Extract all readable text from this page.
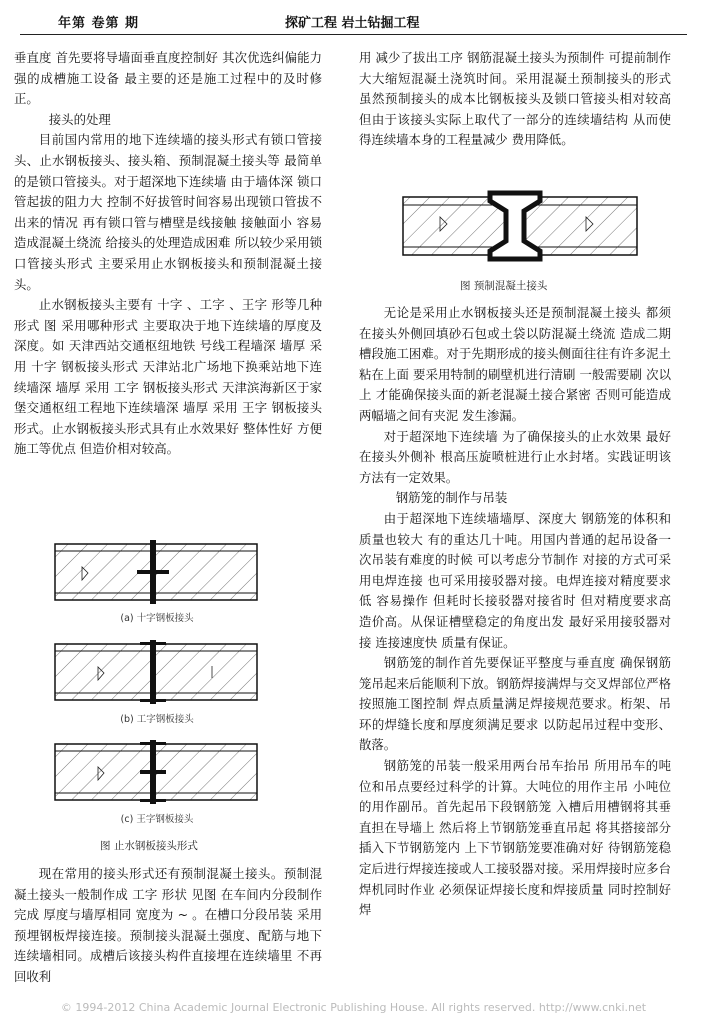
年第 卷第 期	探矿工程 岩土钻掘工程

垂直度 首先要将导墙面垂直度控制好 其次优选纠偏能力强的成槽施工设备 最主要的还是施工过程中的及时修正。

接头的处理

目前国内常用的地下连续墙的接头形式有锁口管接头、止水钢板接头、接头箱、预制混凝土接头等 最简单的是锁口管接头。对于超深地下连续墙 由于墙体深 锁口管起拔的阻力大 控制不好拔管时间容易出现锁口管拔不出来的情况 再有锁口管与槽壁是线接触 接触面小 容易造成混凝土绕流 给接头的处理造成困难 所以较少采用锁口管接头形式 主要采用止水钢板接头和预制混凝土接头。

止水钢板接头主要有 十字 、工字 、王字 形等几种形式 图 采用哪种形式 主要取决于地下连续墙的厚度及深度。如 天津西站交通枢纽地铁 号线工程墙深 墙厚 采用 十字 钢板接头形式 天津站北广场地下换乘站地下连续墙深 墙厚 采用 工字 钢板接头形式 天津滨海新区于家堡交通枢纽工程地下连续墙深 墙厚 采用 王字 钢板接头形式。止水钢板接头形式具有止水效果好 整体性好 方便施工等优点 但造价相对较高。

(a) 十字钢板接头
(b) 工字钢板接头
(c) 王字钢板接头
图 止水钢板接头形式

现在常用的接头形式还有预制混凝土接头。预制混凝土接头一般制作成 工字 形状 见图 在车间内分段制作完成 厚度与墙厚相同 宽度为 ~ 。在槽口分段吊装 采用预埋钢板焊接连接。预制接头混凝土强度、配筋与地下连续墙相同。成槽后该接头构件直接埋在连续墙里 不再回收利

用 减少了拔出工序 钢筋混凝土接头为预制件 可提前制作 大大缩短混凝土浇筑时间。采用混凝土预制接头的形式 虽然预制接头的成本比钢板接头及锁口管接头相对较高 但由于该接头实际上取代了一部分的连续墙结构 从而使得连续墙本身的工程量减少 费用降低。

图 预制混凝土接头

无论是采用止水钢板接头还是预制混凝土接头 都须在接头外侧回填砂石包或土袋以防混凝土绕流 造成二期槽段施工困难。对于先期形成的接头侧面往往有许多泥土粘在上面 要采用特制的刷壁机进行清刷 一般需要刷 次以上 才能确保接头面的新老混凝土接合紧密 否则可能造成两幅墙之间有夹泥 发生渗漏。

对于超深地下连续墙 为了确保接头的止水效果 最好在接头外侧补 根高压旋喷桩进行止水封堵。实践证明该方法有一定效果。

钢筋笼的制作与吊装

由于超深地下连续墙墙厚、深度大 钢筋笼的体积和质量也较大 有的重达几十吨。用国内普通的起吊设备一次吊装有难度的时候 可以考虑分节制作 对接的方式可采用电焊连接 也可采用接驳器对接。电焊连接对精度要求低 容易操作 但耗时长接驳器对接省时 但对精度要求高 造价高。从保证槽壁稳定的角度出发 最好采用接驳器对接 连接速度快 质量有保证。

钢筋笼的制作首先要保证平整度与垂直度 确保钢筋笼吊起来后能顺利下放。钢筋焊接满焊与交叉焊部位严格按照施工图控制 焊点质量满足焊接规范要求。桁架、吊环的焊缝长度和厚度须满足要求 以防起吊过程中变形、散落。

钢筋笼的吊装一般采用两台吊车抬吊 所用吊车的吨位和吊点要经过科学的计算。大吨位的用作主吊 小吨位的用作副吊。首先起吊下段钢筋笼 入槽后用槽钢将其垂直担在导墙上 然后将上节钢筋笼垂直吊起 将其搭接部分插入下节钢筋笼内 上下节钢筋笼要准确对好 待钢筋笼稳定后进行焊接连接或人工接驳器对接。采用焊接时应多台焊机同时作业 必须保证焊接长度和焊接质量 同时控制好焊

© 1994-2012 China Academic Journal Electronic Publishing House. All rights reserved. http://www.cnki.net
